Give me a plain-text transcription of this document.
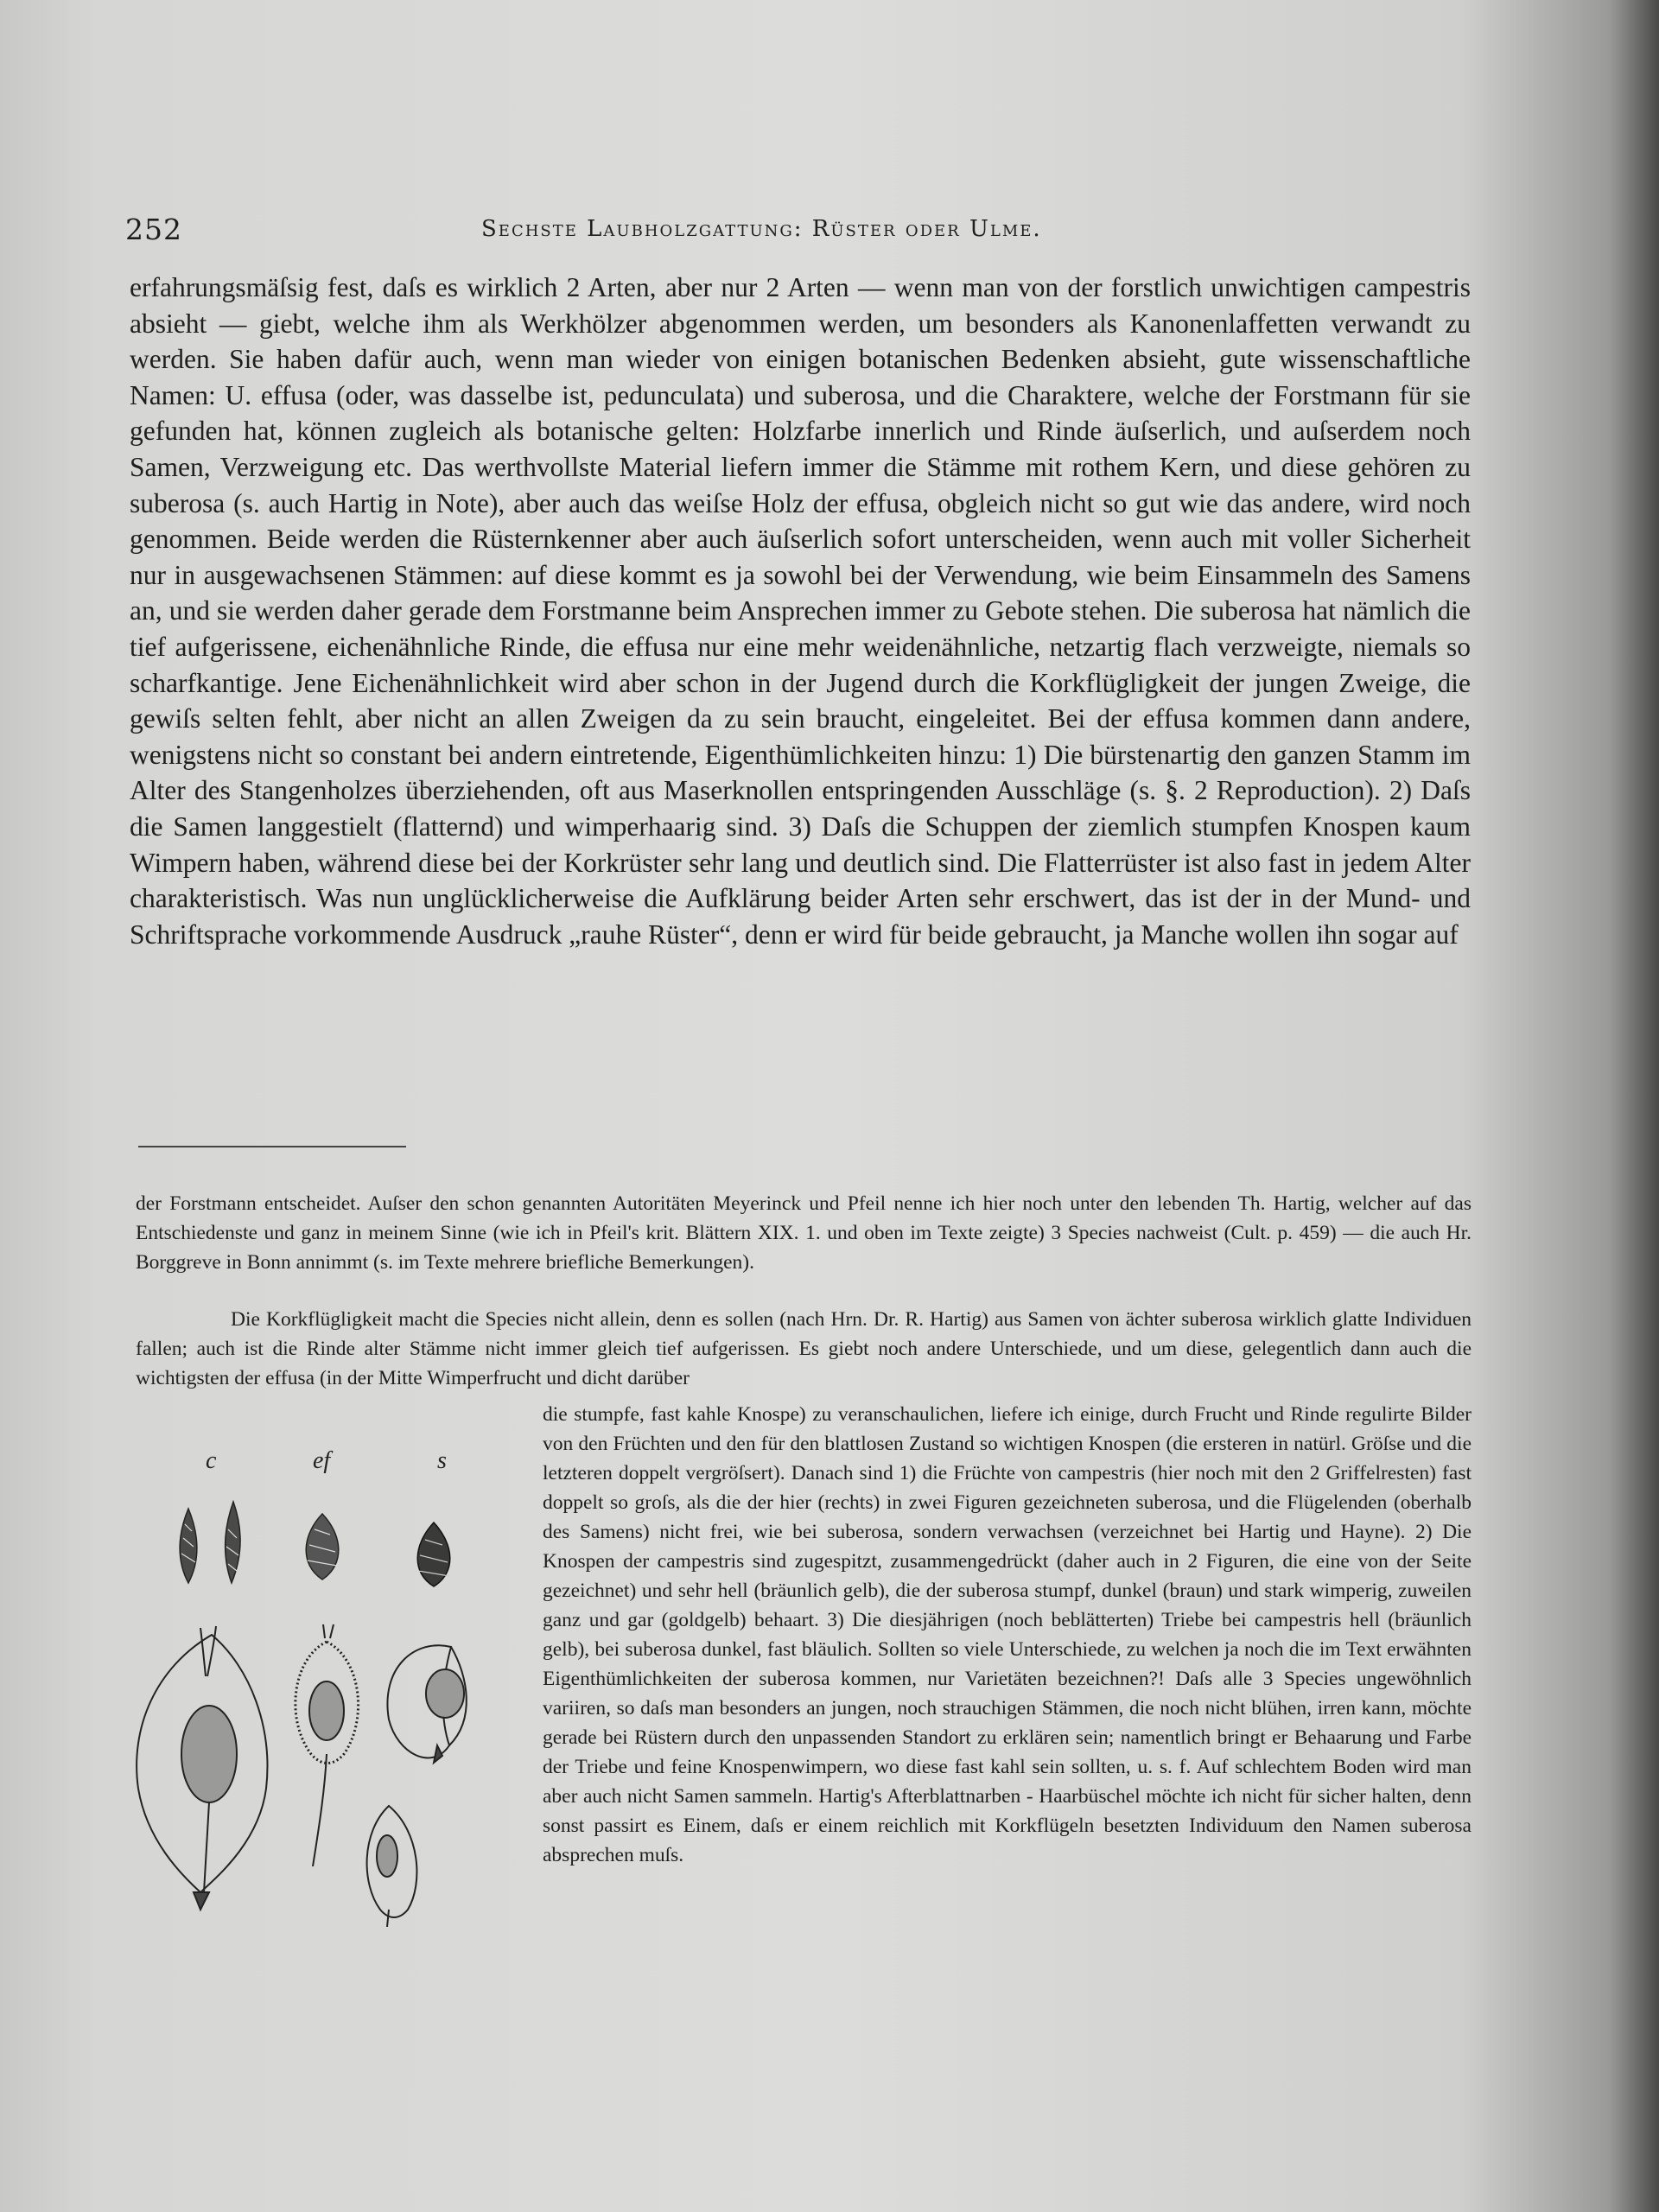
252	Sechste Laubholzgattung: Rüster oder Ulme.

erfahrungsmäſsig fest, daſs es wirklich 2 Arten, aber nur 2 Arten — wenn man von der forstlich unwichtigen campestris absieht — giebt, welche ihm als Werkhölzer abgenommen werden, um besonders als Kanonenlaffetten verwandt zu werden. Sie haben dafür auch, wenn man wieder von einigen botanischen Bedenken absieht, gute wissenschaftliche Namen: U. effusa (oder, was dasselbe ist, pedunculata) und suberosa, und die Charaktere, welche der Forstmann für sie gefunden hat, können zugleich als botanische gelten: Holzfarbe innerlich und Rinde äuſserlich, und auſserdem noch Samen, Verzweigung etc. Das werthvollste Material liefern immer die Stämme mit rothem Kern, und diese gehören zu suberosa (s. auch Hartig in Note), aber auch das weiſse Holz der effusa, obgleich nicht so gut wie das andere, wird noch genommen. Beide werden die Rüsternkenner aber auch äuſserlich sofort unterscheiden, wenn auch mit voller Sicherheit nur in ausgewachsenen Stämmen: auf diese kommt es ja sowohl bei der Verwendung, wie beim Einsammeln des Samens an, und sie werden daher gerade dem Forstmanne beim Ansprechen immer zu Gebote stehen. Die suberosa hat nämlich die tief aufgerissene, eichenähnliche Rinde, die effusa nur eine mehr weidenähnliche, netzartig flach verzweigte, niemals so scharfkantige. Jene Eichenähnlichkeit wird aber schon in der Jugend durch die Korkflügligkeit der jungen Zweige, die gewiſs selten fehlt, aber nicht an allen Zweigen da zu sein braucht, eingeleitet. Bei der effusa kommen dann andere, wenigstens nicht so constant bei andern eintretende, Eigenthümlichkeiten hinzu: 1) Die bürstenartig den ganzen Stamm im Alter des Stangenholzes überziehenden, oft aus Maserknollen entspringenden Ausschläge (s. §. 2 Reproduction). 2) Daſs die Samen langgestielt (flatternd) und wimperhaarig sind. 3) Daſs die Schuppen der ziemlich stumpfen Knospen kaum Wimpern haben, während diese bei der Korkrüster sehr lang und deutlich sind. Die Flatterrüster ist also fast in jedem Alter charakteristisch. Was nun unglücklicherweise die Aufklärung beider Arten sehr erschwert, das ist der in der Mund- und Schriftsprache vorkommende Ausdruck „rauhe Rüster“, denn er wird für beide gebraucht, ja Manche wollen ihn sogar auf

der Forstmann entscheidet. Auſser den schon genannten Autoritäten Meyerinck und Pfeil nenne ich hier noch unter den lebenden Th. Hartig, welcher auf das Entschiedenste und ganz in meinem Sinne (wie ich in Pfeil's krit. Blättern XIX. 1. und oben im Texte zeigte) 3 Species nachweist (Cult. p. 459) — die auch Hr. Borggreve in Bonn annimmt (s. im Texte mehrere briefliche Bemerkungen).

Die Korkflügligkeit macht die Species nicht allein, denn es sollen (nach Hrn. Dr. R. Hartig) aus Samen von ächter suberosa wirklich glatte Individuen fallen; auch ist die Rinde alter Stämme nicht immer gleich tief aufgerissen. Es giebt noch andere Unterschiede, und um diese, gelegentlich dann auch die wichtigsten der effusa (in der Mitte Wimperfrucht und dicht darüber

c	ef	s

die stumpfe, fast kahle Knospe) zu veranschaulichen, liefere ich einige, durch Frucht und Rinde regulirte Bilder von den Früchten und den für den blattlosen Zustand so wichtigen Knospen (die ersteren in natürl. Gröſse und die letzteren doppelt vergröſsert). Danach sind 1) die Früchte von campestris (hier noch mit den 2 Griffelresten) fast doppelt so groſs, als die der hier (rechts) in zwei Figuren gezeichneten suberosa, und die Flügelenden (oberhalb des Samens) nicht frei, wie bei suberosa, sondern verwachsen (verzeichnet bei Hartig und Hayne). 2) Die Knospen der campestris sind zugespitzt, zusammengedrückt (daher auch in 2 Figuren, die eine von der Seite gezeichnet) und sehr hell (bräunlich gelb), die der suberosa stumpf, dunkel (braun) und stark wimperig, zuweilen ganz und gar (goldgelb) behaart. 3) Die diesjährigen (noch beblätterten) Triebe bei campestris hell (bräunlich gelb), bei suberosa dunkel, fast bläulich. Sollten so viele Unterschiede, zu welchen ja noch die im Text erwähnten Eigenthümlichkeiten der suberosa kommen, nur Varietäten bezeichnen?! Daſs alle 3 Species ungewöhnlich variiren, so daſs man besonders an jungen, noch strauchigen Stämmen, die noch nicht blühen, irren kann, möchte gerade bei Rüstern durch den unpassenden Standort zu erklären sein; namentlich bringt er Behaarung und Farbe der Triebe und feine Knospenwimpern, wo diese fast kahl sein sollten, u. s. f. Auf schlechtem Boden wird man aber auch nicht Samen sammeln. Hartig's Afterblattnarben - Haarbüschel möchte ich nicht für sicher halten, denn sonst passirt es Einem, daſs er einem reichlich mit Korkflügeln besetzten Individuum den Namen suberosa absprechen muſs.
